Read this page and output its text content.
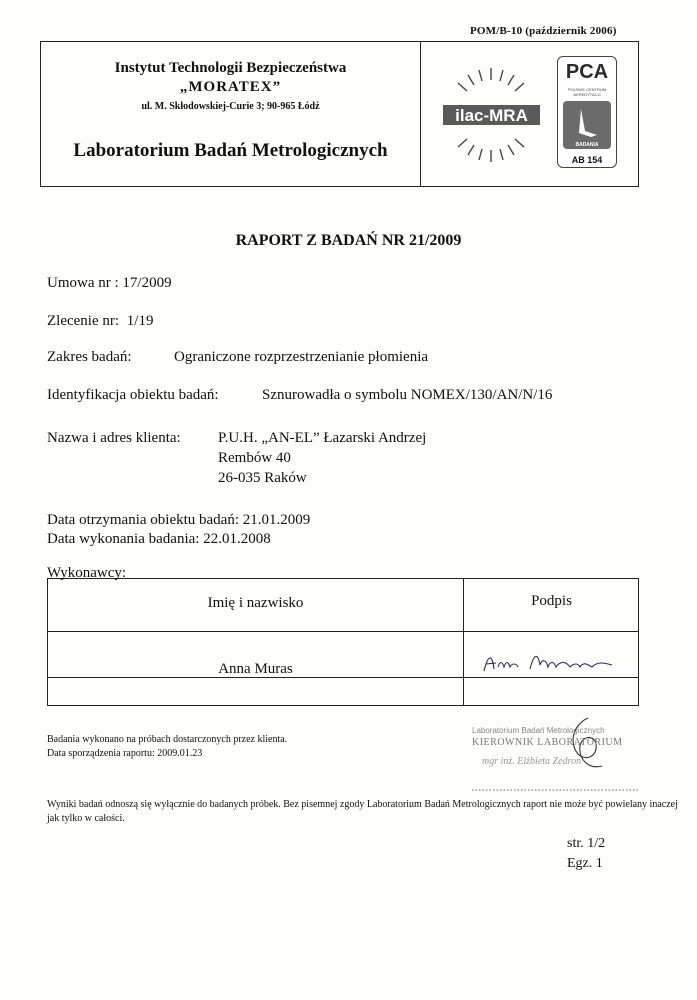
POM/B-10 (październik 2006)
Instytut Technologii Bezpieczeństwa
„MORATEX”
ul. M. Skłodowskiej-Curie 3; 90-965 Łódź
Laboratorium Badań Metrologicznych
ilac-MRA
PCA
POLSKIE CENTRUM
AKREDYTACJI
BADANIA
AB 154
RAPORT Z BADAŃ NR 21/2009
Umowa nr : 17/2009
Zlecenie nr: 1/19
Zakres badań:	Ograniczone rozprzestrzenianie płomienia
Identyfikacja obiektu badań:	Sznurowadła o symbolu NOMEX/130/AN/N/16
Nazwa i adres klienta: P.U.H. „AN-EL” Łazarski Andrzej
Rembów 40
26-035 Raków
Data otrzymania obiektu badań: 21.01.2009
Data wykonania badania: 22.01.2008
Wykonawcy:
Imię i nazwisko	Podpis
Anna Muras
Badania wykonano na próbach dostarczonych przez klienta.
Data sporządzenia raportu: 2009.01.23
Laboratorium Badań Metrologicznych
KIEROWNIK LABORATORIUM
mgr inż. Elżbieta Zedron
Wyniki badań odnoszą się wyłącznie do badanych próbek. Bez pisemnej zgody Laboratorium Badań Metrologicznych raport nie może być powielany inaczej jak tylko w całości.
str. 1/2
Egz. 1
